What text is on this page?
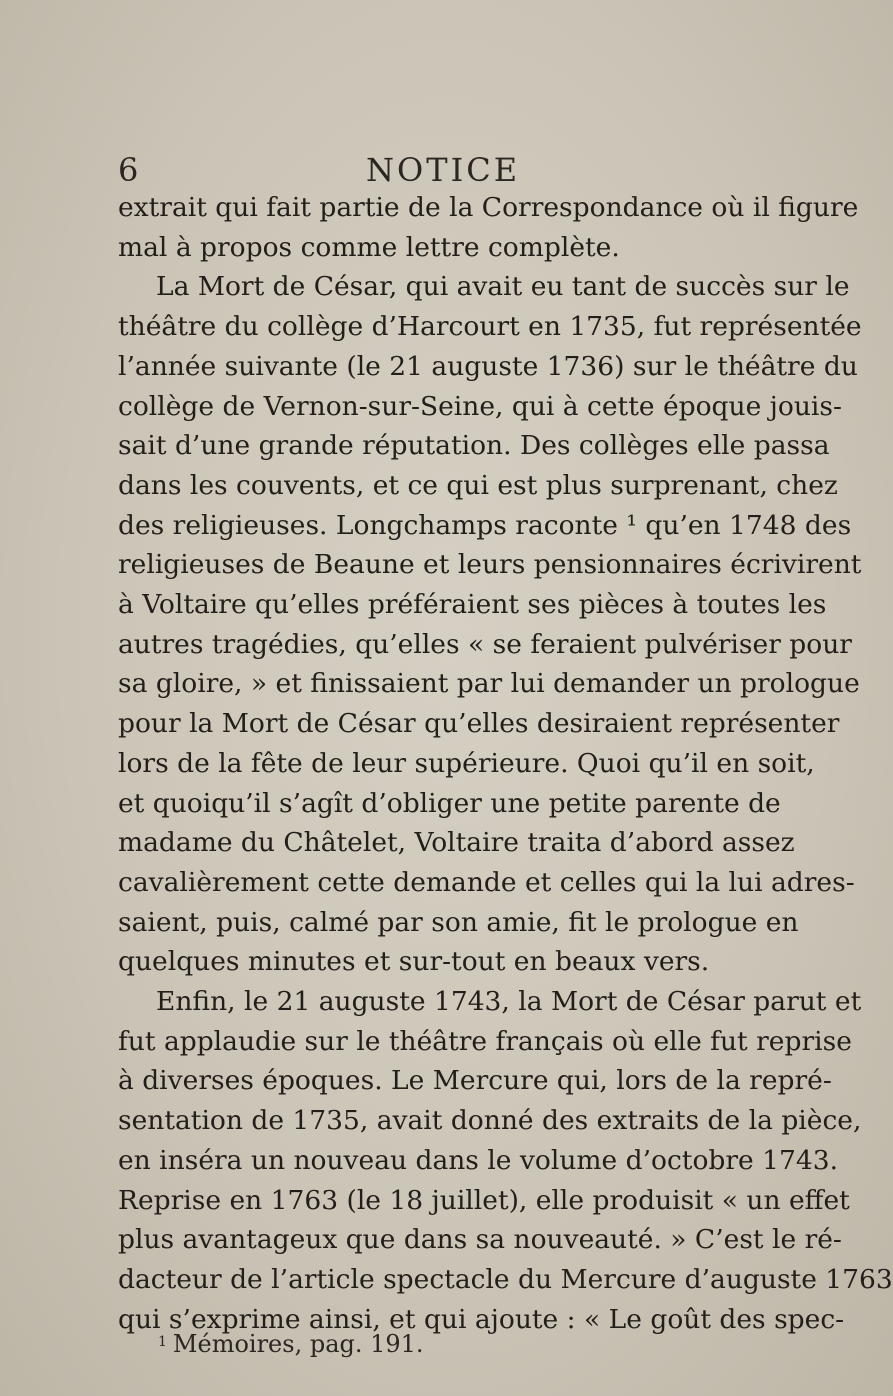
6	NOTICE
extrait qui fait partie de la Correspondance où il figure
mal à propos comme lettre complète.
La Mort de César, qui avait eu tant de succès sur le
théâtre du collège d’Harcourt en 1735, fut représentée
l’année suivante (le 21 auguste 1736) sur le théâtre du
collège de Vernon-sur-Seine, qui à cette époque jouis-
sait d’une grande réputation. Des collèges elle passa
dans les couvents, et ce qui est plus surprenant, chez
des religieuses. Longchamps raconte ¹ qu’en 1748 des
religieuses de Beaune et leurs pensionnaires écrivirent
à Voltaire qu’elles préféraient ses pièces à toutes les
autres tragédies, qu’elles « se feraient pulvériser pour
sa gloire, » et finissaient par lui demander un prologue
pour la Mort de César qu’elles desiraient représenter
lors de la fête de leur supérieure. Quoi qu’il en soit,
et quoiqu’il s’agît d’obliger une petite parente de
madame du Châtelet, Voltaire traita d’abord assez
cavalièrement cette demande et celles qui la lui adres-
saient, puis, calmé par son amie, fit le prologue en
quelques minutes et sur-tout en beaux vers.
Enfin, le 21 auguste 1743, la Mort de César parut et
fut applaudie sur le théâtre français où elle fut reprise
à diverses époques. Le Mercure qui, lors de la repré-
sentation de 1735, avait donné des extraits de la pièce,
en inséra un nouveau dans le volume d’octobre 1743.
Reprise en 1763 (le 18 juillet), elle produisit « un effet
plus avantageux que dans sa nouveauté. » C’est le ré-
dacteur de l’article spectacle du Mercure d’auguste 1763
qui s’exprime ainsi, et qui ajoute : « Le goût des spec-
$^1$ Mémoires, pag. 191.
